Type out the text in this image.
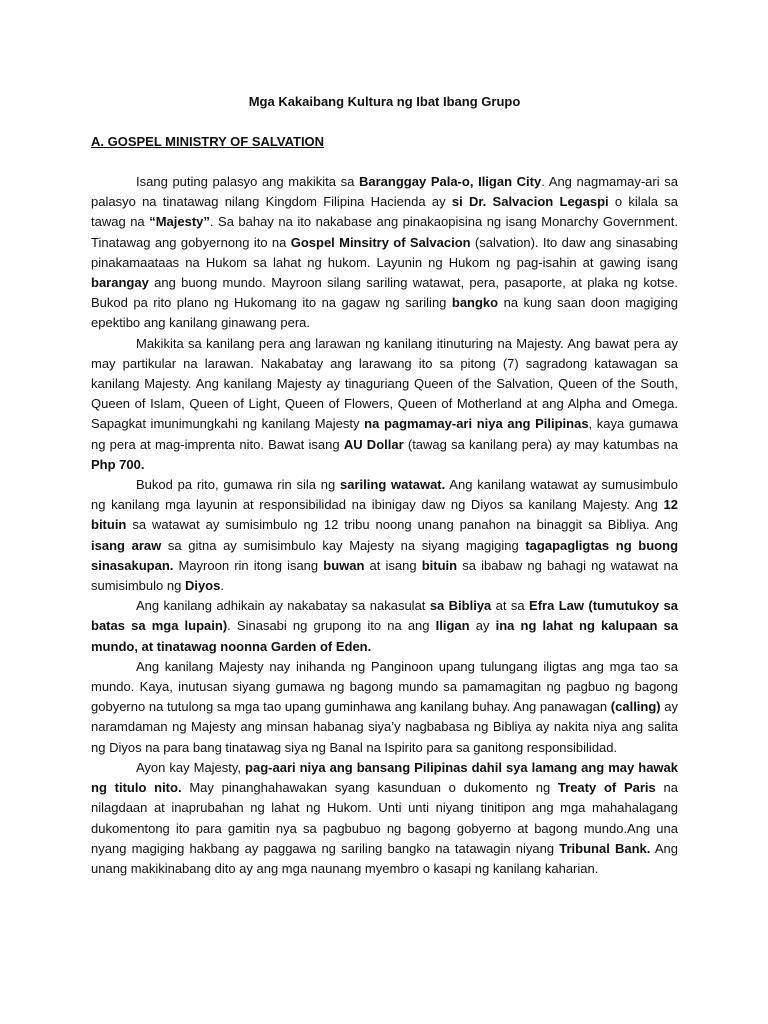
Mga Kakaibang Kultura ng Ibat Ibang Grupo
A. GOSPEL MINISTRY OF SALVATION

Isang puting palasyo ang makikita sa Baranggay Pala-o, Iligan City. Ang nagmamay-ari sa palasyo na tinatawag nilang Kingdom Filipina Hacienda ay si Dr. Salvacion Legaspi o kilala sa tawag na “Majesty”. Sa bahay na ito nakabase ang pinakaopisina ng isang Monarchy Government. Tinatawag ang gobyernong ito na Gospel Minsitry of Salvacion (salvation). Ito daw ang sinasabing pinakamaataas na Hukom sa lahat ng hukom. Layunin ng Hukom ng pag-isahin at gawing isang barangay ang buong mundo. Mayroon silang sariling watawat, pera, pasaporte, at plaka ng kotse. Bukod pa rito plano ng Hukomang ito na gagaw ng sariling bangko na kung saan doon magiging epektibo ang kanilang ginawang pera.

Makikita sa kanilang pera ang larawan ng kanilang itinuturing na Majesty. Ang bawat pera ay may partikular na larawan. Nakabatay ang larawang ito sa pitong (7) sagradong katawagan sa kanilang Majesty. Ang kanilang Majesty ay tinaguriang Queen of the Salvation, Queen of the South, Queen of Islam, Queen of Light, Queen of Flowers, Queen of Motherland at ang Alpha and Omega. Sapagkat imunimungkahi ng kanilang Majesty na pagmamay-ari niya ang Pilipinas, kaya gumawa ng pera at mag-imprenta nito. Bawat isang AU Dollar (tawag sa kanilang pera) ay may katumbas na Php 700.

Bukod pa rito, gumawa rin sila ng sariling watawat. Ang kanilang watawat ay sumusimbulo ng kanilang mga layunin at responsibilidad na ibinigay daw ng Diyos sa kanilang Majesty. Ang 12 bituin sa watawat ay sumisimbulo ng 12 tribu noong unang panahon na binaggit sa Bibliya. Ang isang araw sa gitna ay sumisimbulo kay Majesty na siyang magiging tagapagligtas ng buong sinasakupan. Mayroon rin itong isang buwan at isang bituin sa ibabaw ng bahagi ng watawat na sumisimbulo ng Diyos.

Ang kanilang adhikain ay nakabatay sa nakasulat sa Bibliya at sa Efra Law (tumutukoy sa batas sa mga lupain). Sinasabi ng grupong ito na ang Iligan ay ina ng lahat ng kalupaan sa mundo, at tinatawag noonna Garden of Eden.

Ang kanilang Majesty nay inihanda ng Panginoon upang tulungang iligtas ang mga tao sa mundo. Kaya, inutusan siyang gumawa ng bagong mundo sa pamamagitan ng pagbuo ng bagong gobyerno na tutulong sa mga tao upang guminhawa ang kanilang buhay. Ang panawagan (calling) ay naramdaman ng Majesty ang minsan habanag siya’y nagbabasa ng Bibliya ay nakita niya ang salita ng Diyos na para bang tinatawag siya ng Banal na Ispirito para sa ganitong responsibilidad.

Ayon kay Majesty, pag-aari niya ang bansang Pilipinas dahil sya lamang ang may hawak ng titulo nito. May pinanghahawakan syang kasunduan o dukomento ng Treaty of Paris na nilagdaan at inaprubahan ng lahat ng Hukom. Unti unti niyang tinitipon ang mga mahahalagang dukomentong ito para gamitin nya sa pagbubuo ng bagong gobyerno at bagong mundo.Ang una nyang magiging hakbang ay paggawa ng sariling bangko na tatawagin niyang Tribunal Bank. Ang unang makikinabang dito ay ang mga naunang myembro o kasapi ng kanilang kaharian.
